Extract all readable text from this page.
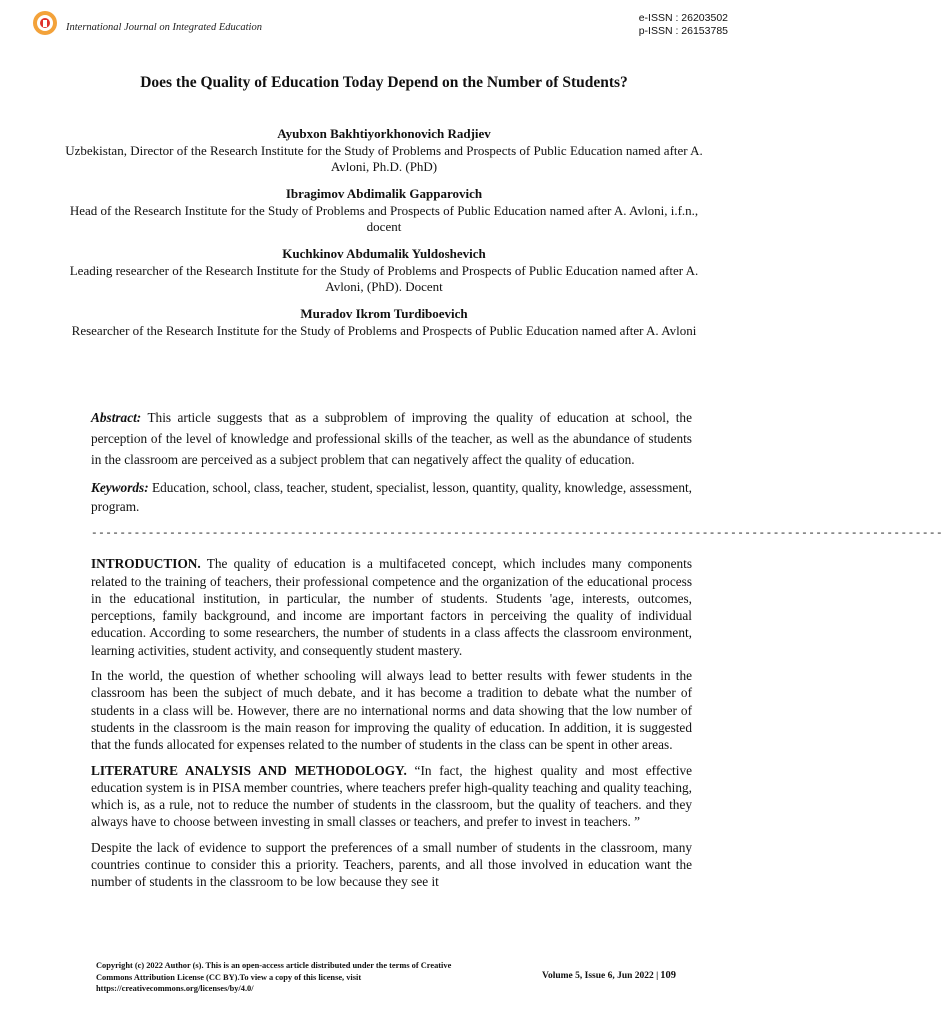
International Journal on Integrated Education
e-ISSN : 26203502
p-ISSN : 26153785
Does the Quality of Education Today Depend on the Number of Students?
Ayubxon Bakhtiyorkhonovich Radjiev
Uzbekistan, Director of the Research Institute for the Study of Problems and Prospects of Public Education named after A. Avloni, Ph.D. (PhD)
Ibragimov Abdimalik Gapparovich
Head of the Research Institute for the Study of Problems and Prospects of Public Education named after A. Avloni, i.f.n., docent
Kuchkinov Abdumalik Yuldoshevich
Leading researcher of the Research Institute for the Study of Problems and Prospects of Public Education named after A. Avloni, (PhD). Docent
Muradov Ikrom Turdiboevich
Researcher of the Research Institute for the Study of Problems and Prospects of Public Education named after A. Avloni

Abstract: This article suggests that as a subproblem of improving the quality of education at school, the perception of the level of knowledge and professional skills of the teacher, as well as the abundance of students in the classroom are perceived as a subject problem that can negatively affect the quality of education.

Keywords: Education, school, class, teacher, student, specialist, lesson, quantity, quality, knowledge, assessment, program.

------------------------------------------------------------------------------------------------------------------------

INTRODUCTION. The quality of education is a multifaceted concept, which includes many components related to the training of teachers, their professional competence and the organization of the educational process in the educational institution, in particular, the number of students. Students 'age, interests, outcomes, perceptions, family background, and income are important factors in perceiving the quality of individual education. According to some researchers, the number of students in a class affects the classroom environment, learning activities, student activity, and consequently student mastery.

In the world, the question of whether schooling will always lead to better results with fewer students in the classroom has been the subject of much debate, and it has become a tradition to debate what the number of students in a class will be. However, there are no international norms and data showing that the low number of students in the classroom is the main reason for improving the quality of education. In addition, it is suggested that the funds allocated for expenses related to the number of students in the class can be spent in other areas.

LITERATURE ANALYSIS AND METHODOLOGY. “In fact, the highest quality and most effective education system is in PISA member countries, where teachers prefer high-quality teaching and quality teaching, which is, as a rule, not to reduce the number of students in the classroom, but the quality of teachers. and they always have to choose between investing in small classes or teachers, and prefer to invest in teachers. ”

Despite the lack of evidence to support the preferences of a small number of students in the classroom, many countries continue to consider this a priority. Teachers, parents, and all those involved in education want the number of students in the classroom to be low because they see it

Copyright (c) 2022 Author (s). This is an open-access article distributed under the terms of Creative Commons Attribution License (CC BY).To view a copy of this license, visit https://creativecommons.org/licenses/by/4.0/
Volume 5, Issue 6, Jun 2022 | 109
